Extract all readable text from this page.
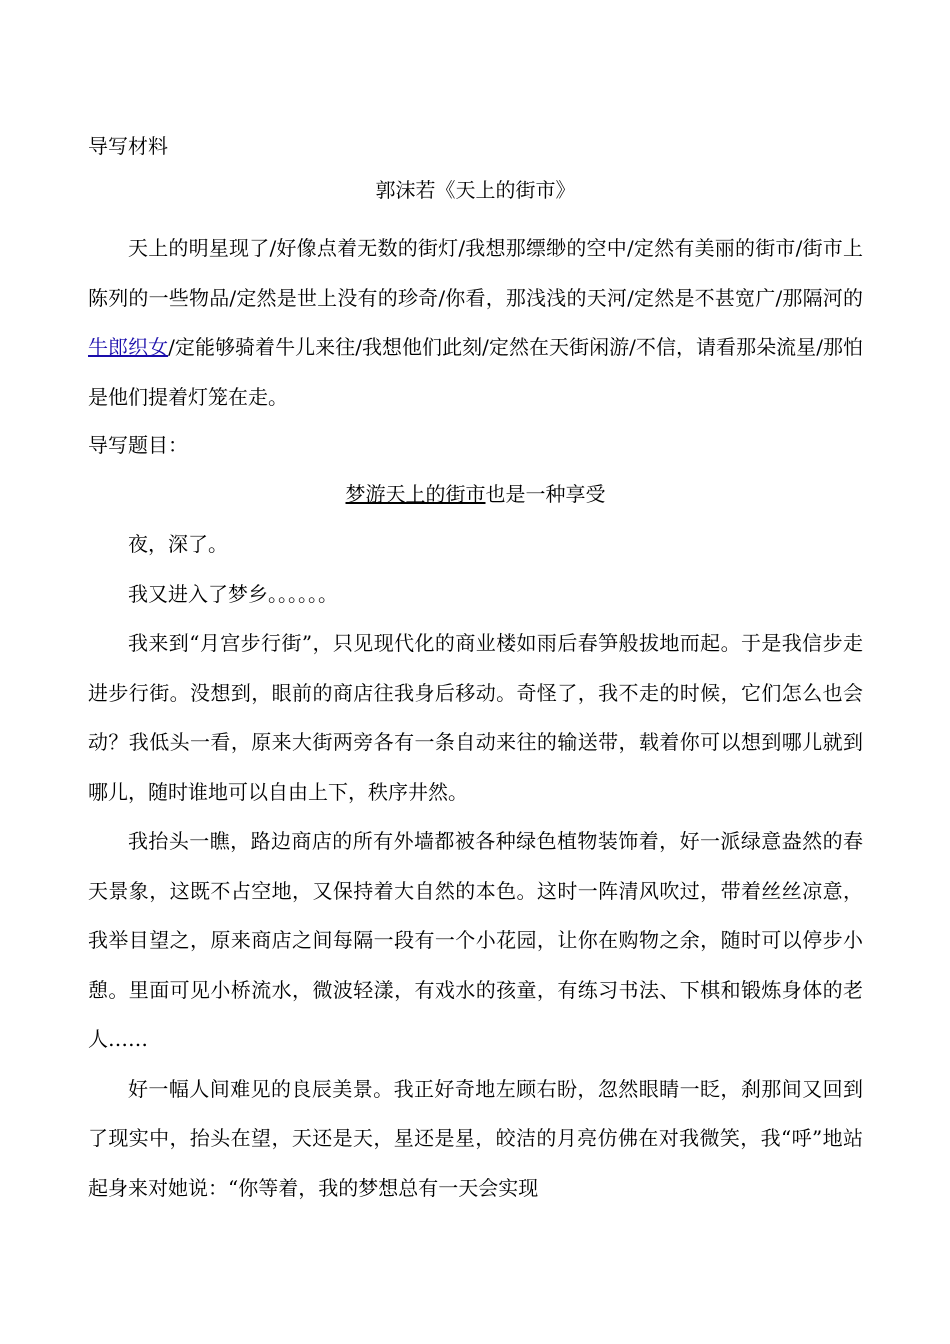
导写材料
郭沫若《天上的街市》

天上的明星现了/好像点着无数的街灯/我想那缥缈的空中/定然有美丽的街市/街市上陈列的一些物品/定然是世上没有的珍奇/你看，那浅浅的天河/定然是不甚宽广/那隔河的牛郎织女/定能够骑着牛儿来往/我想他们此刻/定然在天街闲游/不信，请看那朵流星/那怕是他们提着灯笼在走。

导写题目：
梦游天上的街市也是一种享受

夜，深了。

我又进入了梦乡。。。。。。

我来到“月宫步行街”，只见现代化的商业楼如雨后春笋般拔地而起。于是我信步走进步行街。没想到，眼前的商店往我身后移动。奇怪了，我不走的时候，它们怎么也会动？我低头一看，原来大街两旁各有一条自动来往的输送带，载着你可以想到哪儿就到哪儿，随时谁地可以自由上下，秩序井然。

我抬头一瞧，路边商店的所有外墙都被各种绿色植物装饰着，好一派绿意盎然的春天景象，这既不占空地，又保持着大自然的本色。这时一阵清风吹过，带着丝丝凉意，我举目望之，原来商店之间每隔一段有一个小花园，让你在购物之余，随时可以停步小憩。里面可见小桥流水，微波轻漾，有戏水的孩童，有练习书法、下棋和锻炼身体的老人……

好一幅人间难见的良辰美景。我正好奇地左顾右盼，忽然眼睛一眨，刹那间又回到了现实中，抬头在望，天还是天，星还是星，皎洁的月亮仿佛在对我微笑，我“呼”地站起身来对她说：“你等着，我的梦想总有一天会实现
